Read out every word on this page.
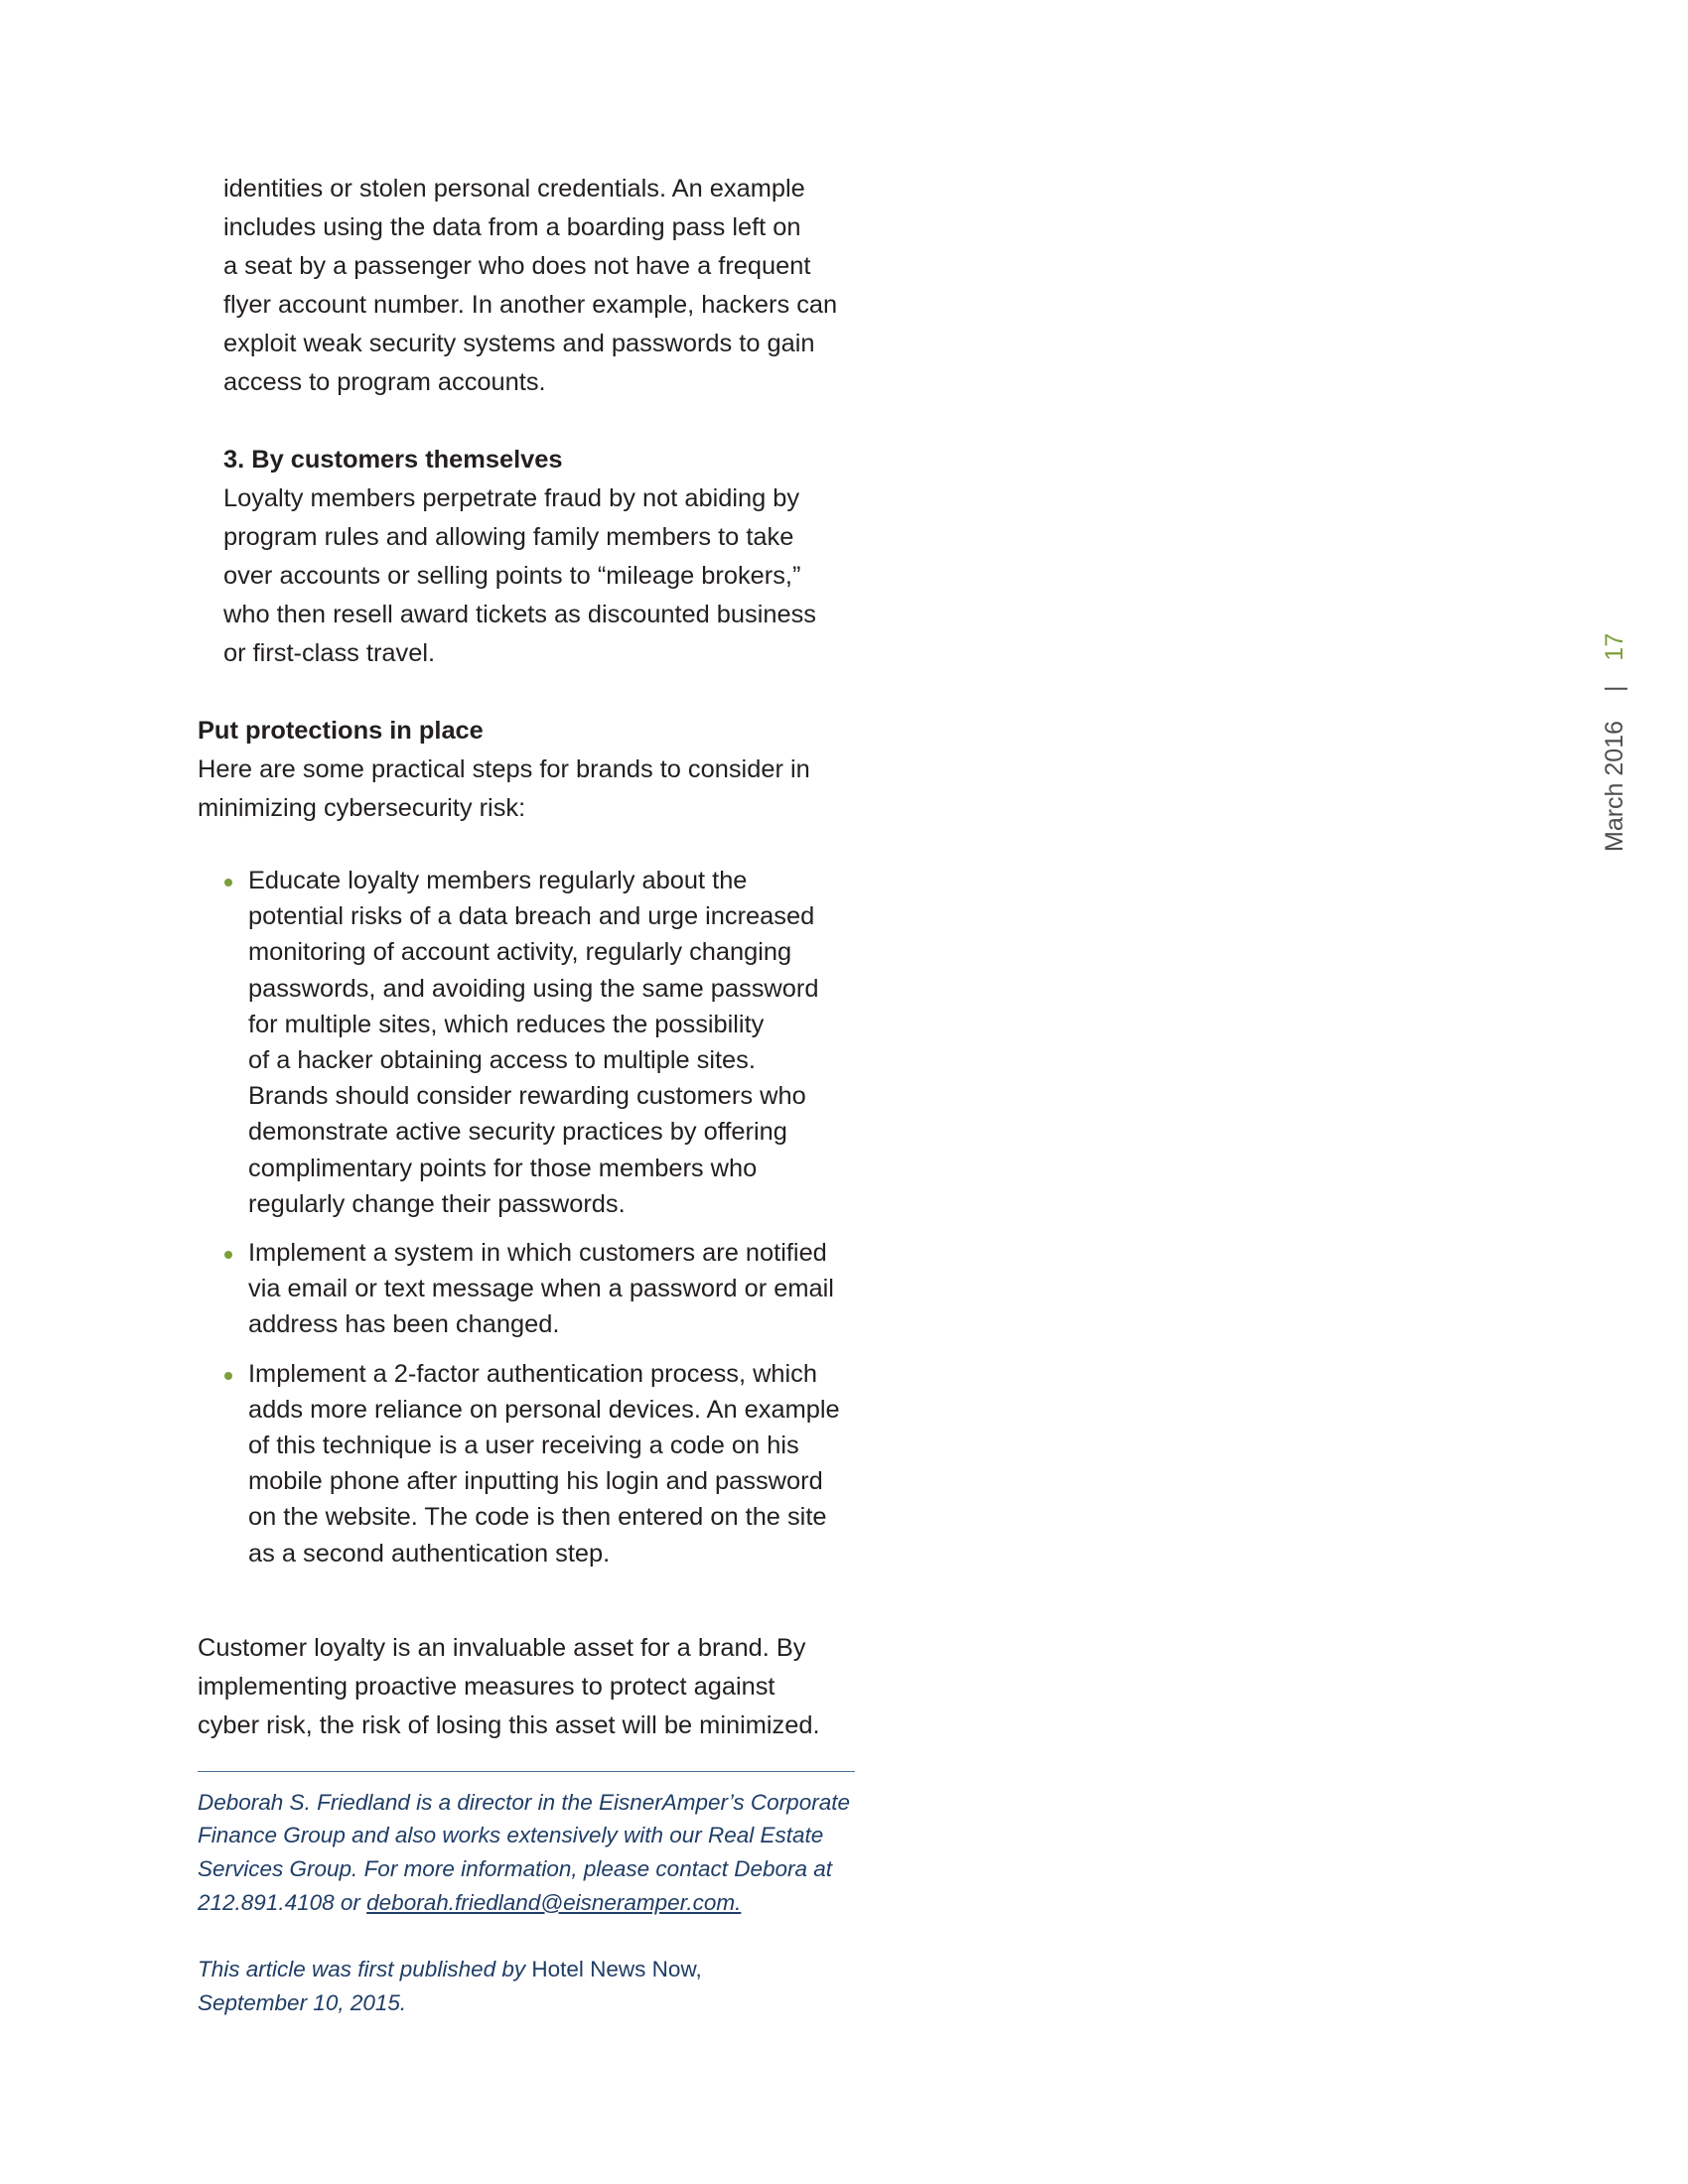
identities or stolen personal credentials. An example
includes using the data from a boarding pass left on
a seat by a passenger who does not have a frequent
flyer account number. In another example, hackers can
exploit weak security systems and passwords to gain
access to program accounts.

3. By customers themselves
Loyalty members perpetrate fraud by not abiding by
program rules and allowing family members to take
over accounts or selling points to “mileage brokers,”
who then resell award tickets as discounted business
or first-class travel.

Put protections in place
Here are some practical steps for brands to consider in
minimizing cybersecurity risk:

Educate loyalty members regularly about the
potential risks of a data breach and urge increased
monitoring of account activity, regularly changing
passwords, and avoiding using the same password
for multiple sites, which reduces the possibility
of a hacker obtaining access to multiple sites.
Brands should consider rewarding customers who
demonstrate active security practices by offering
complimentary points for those members who
regularly change their passwords.
Implement a system in which customers are notified
via email or text message when a password or email
address has been changed.
Implement a 2-factor authentication process, which
adds more reliance on personal devices. An example
of this technique is a user receiving a code on his
mobile phone after inputting his login and password
on the website. The code is then entered on the site
as a second authentication step.

Customer loyalty is an invaluable asset for a brand. By
implementing proactive measures to protect against
cyber risk, the risk of losing this asset will be minimized.

Deborah S. Friedland is a director in the EisnerAmper’s Corporate
Finance Group and also works extensively with our Real Estate
Services Group. For more information, please contact Debora at
212.891.4108 or deborah.friedland@eisneramper.com.

This article was first published by Hotel News Now,
September 10, 2015.

March 2016 | 17
